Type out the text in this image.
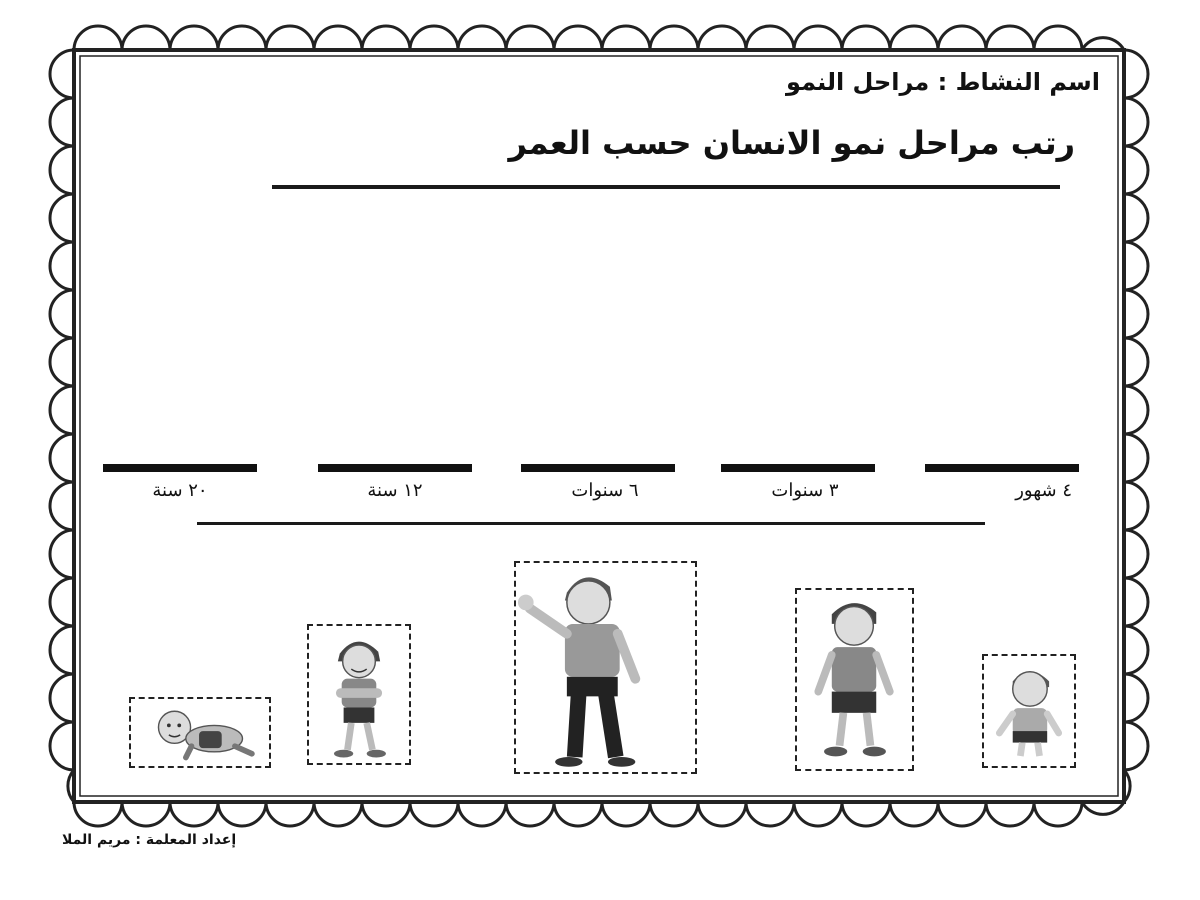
اسم النشاط : مراحل النمو
رتب مراحل نمو الانسان حسب العمر
٤ شهور
٣ سنوات
٦ سنوات
١٢ سنة
٢٠ سنة
إعداد المعلمة : مريم الملا
